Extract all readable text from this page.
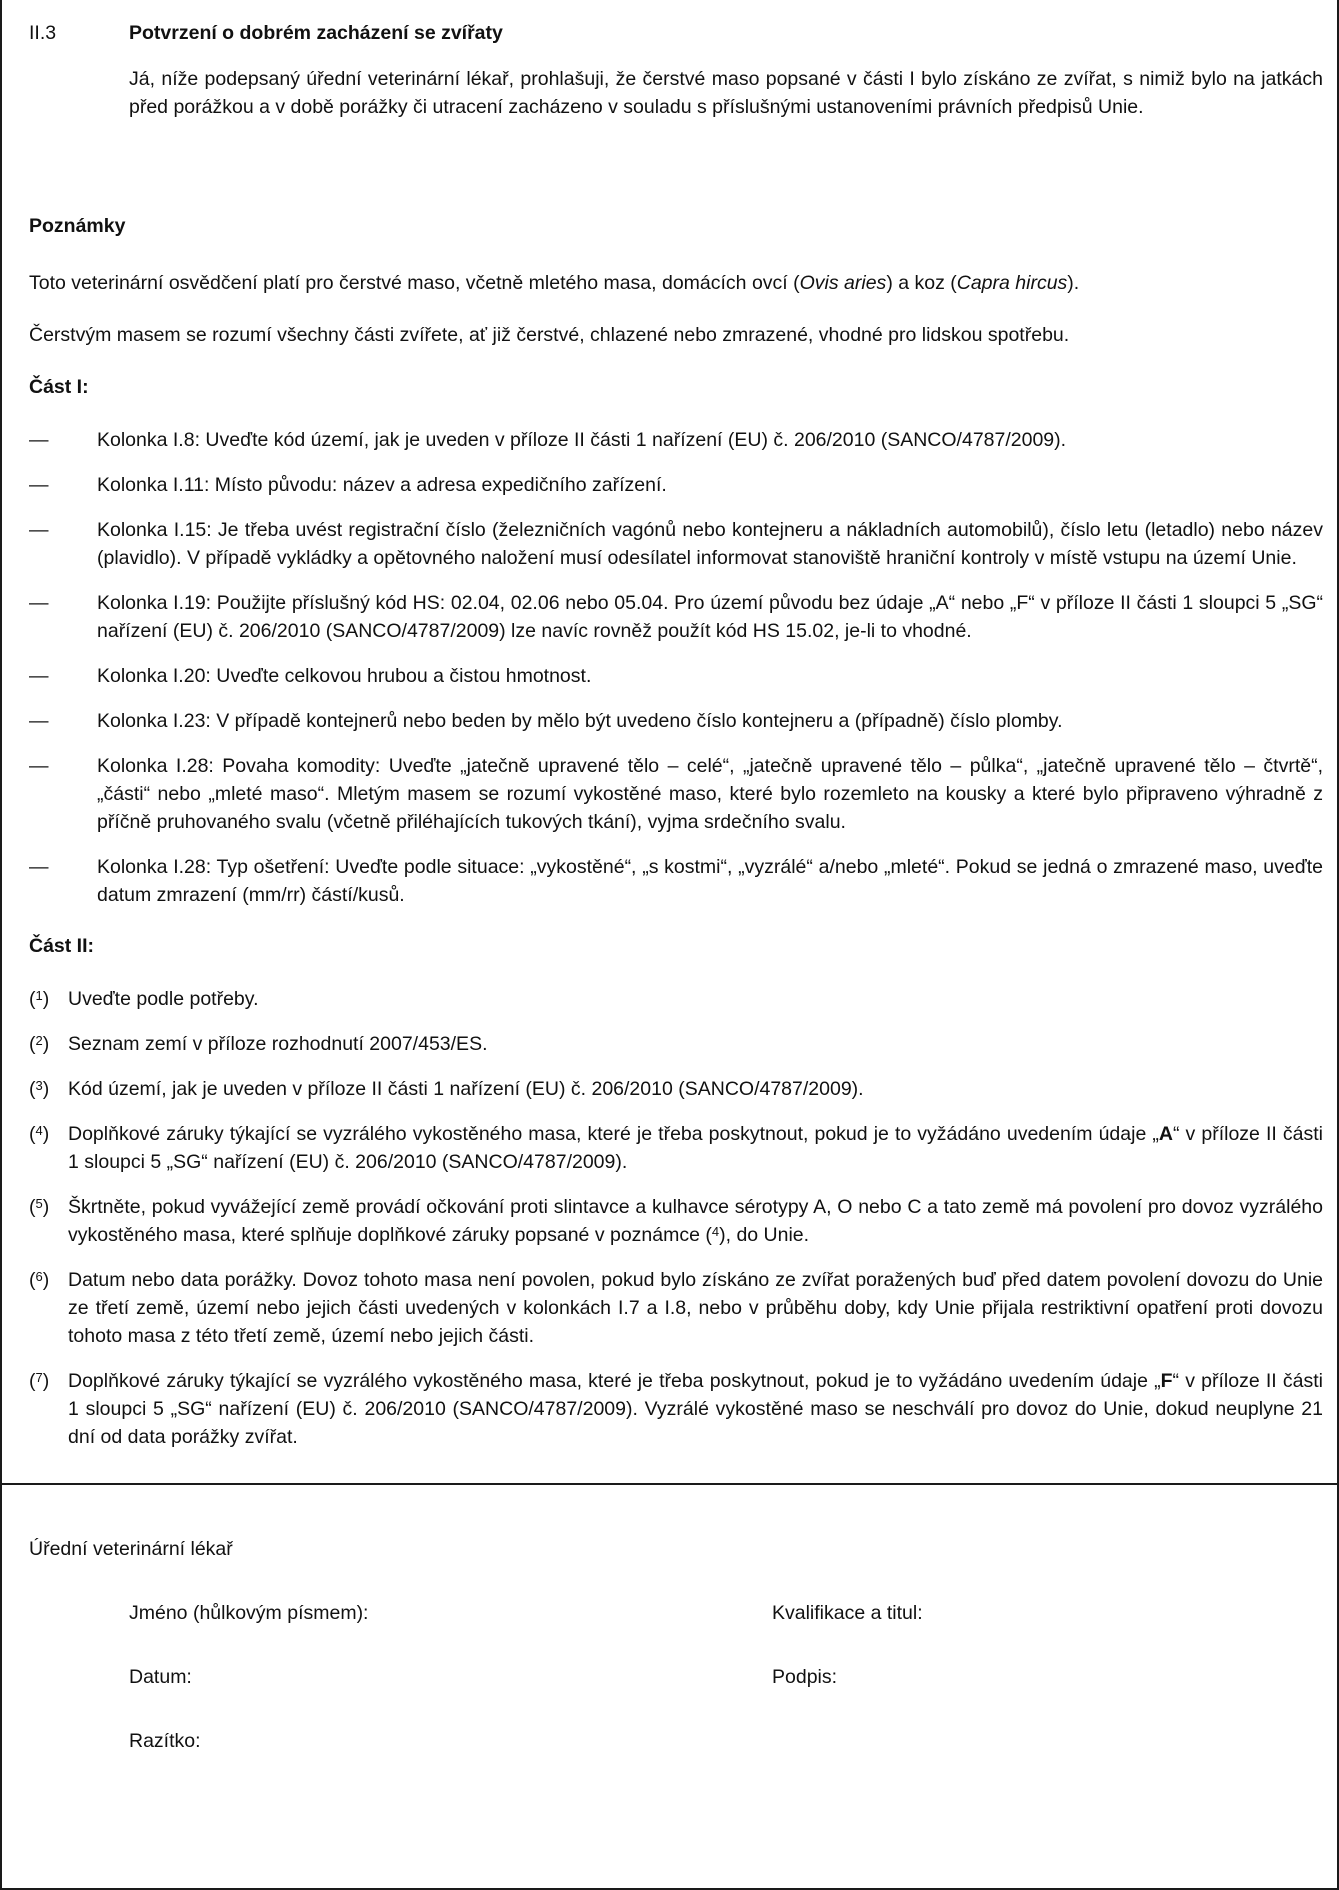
II.3	Potvrzení o dobrém zacházení se zvířaty
Já, níže podepsaný úřední veterinární lékař, prohlašuji, že čerstvé maso popsané v části I bylo získáno ze zvířat, s nimiž bylo na jatkách před porážkou a v době porážky či utracení zacházeno v souladu s příslušnými ustanoveními právních předpisů Unie.
Poznámky

Toto veterinární osvědčení platí pro čerstvé maso, včetně mletého masa, domácích ovcí (Ovis aries) a koz (Capra hircus).

Čerstvým masem se rozumí všechny části zvířete, ať již čerstvé, chlazené nebo zmrazené, vhodné pro lidskou spotřebu.

Část I:
— Kolonka I.8: Uveďte kód území, jak je uveden v příloze II části 1 nařízení (EU) č. 206/2010 (SANCO/4787/2009).
— Kolonka I.11: Místo původu: název a adresa expedičního zařízení.
— Kolonka I.15: Je třeba uvést registrační číslo (železničních vagónů nebo kontejneru a nákladních automobilů), číslo letu (letadlo) nebo název (plavidlo). V případě vykládky a opětovného naložení musí odesílatel informovat stanoviště hraniční kontroly v místě vstupu na území Unie.
— Kolonka I.19: Použijte příslušný kód HS: 02.04, 02.06 nebo 05.04. Pro území původu bez údaje „A“ nebo „F“ v příloze II části 1 sloupci 5 „SG“ nařízení (EU) č. 206/2010 (SANCO/4787/2009) lze navíc rovněž použít kód HS 15.02, je-li to vhodné.
— Kolonka I.20: Uveďte celkovou hrubou a čistou hmotnost.
— Kolonka I.23: V případě kontejnerů nebo beden by mělo být uvedeno číslo kontejneru a (případně) číslo plomby.
— Kolonka I.28: Povaha komodity: Uveďte „jatečně upravené tělo – celé“, „jatečně upravené tělo – půlka“, „jatečně upravené tělo – čtvrtě“, „části“ nebo „mleté maso“. Mletým masem se rozumí vykostěné maso, které bylo rozemleto na kousky a které bylo připraveno výhradně z příčně pruhovaného svalu (včetně přiléhajících tukových tkání), vyjma srdečního svalu.
— Kolonka I.28: Typ ošetření: Uveďte podle situace: „vykostěné“, „s kostmi“, „vyzrálé“ a/nebo „mleté“. Pokud se jedná o zmrazené maso, uveďte datum zmrazení (mm/rr) částí/kusů.
Část II:
($^1$) Uveďte podle potřeby.
($^2$) Seznam zemí v příloze rozhodnutí 2007/453/ES.
($^3$) Kód území, jak je uveden v příloze II části 1 nařízení (EU) č. 206/2010 (SANCO/4787/2009).
($^4$) Doplňkové záruky týkající se vyzrálého vykostěného masa, které je třeba poskytnout, pokud je to vyžádáno uvedením údaje „A“ v příloze II části 1 sloupci 5 „SG“ nařízení (EU) č. 206/2010 (SANCO/4787/2009).
($^5$) Škrtněte, pokud vyvážející země provádí očkování proti slintavce a kulhavce sérotypy A, O nebo C a tato země má povolení pro dovoz vyzrálého vykostěného masa, které splňuje doplňkové záruky popsané v poznámce ($^4$), do Unie.
($^6$) Datum nebo data porážky. Dovoz tohoto masa není povolen, pokud bylo získáno ze zvířat poražených buď před datem povolení dovozu do Unie ze třetí země, území nebo jejich části uvedených v kolonkách I.7 a I.8, nebo v průběhu doby, kdy Unie přijala restriktivní opatření proti dovozu tohoto masa z této třetí země, území nebo jejich části.
($^7$) Doplňkové záruky týkající se vyzrálého vykostěného masa, které je třeba poskytnout, pokud je to vyžádáno uvedením údaje „F“ v příloze II části 1 sloupci 5 „SG“ nařízení (EU) č. 206/2010 (SANCO/4787/2009). Vyzrálé vykostěné maso se neschválí pro dovoz do Unie, dokud neuplyne 21 dní od data porážky zvířat.
Úřední veterinární lékař
Jméno (hůlkovým písmem):	Kvalifikace a titul:
Datum:	Podpis:
Razítko:
